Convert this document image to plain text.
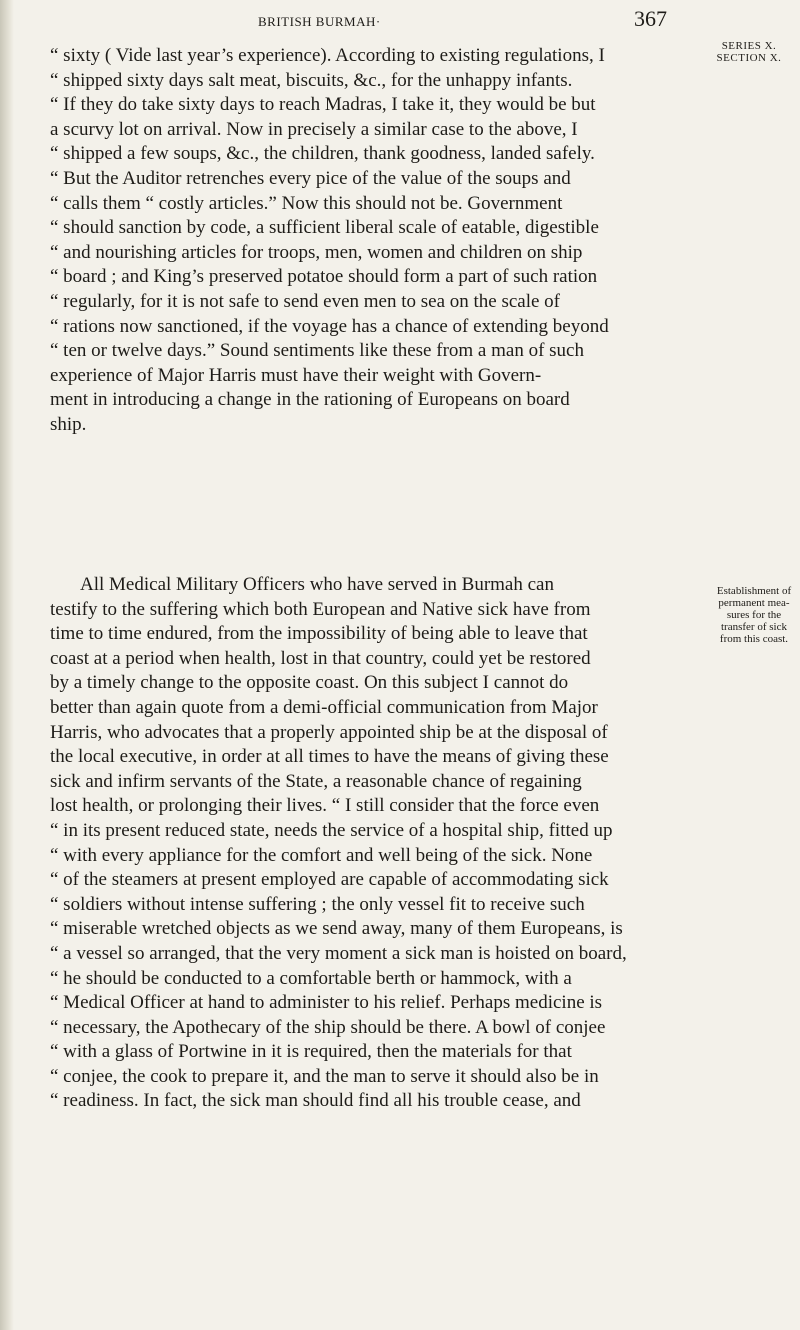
BRITISH BURMAH·	367
SERIES X.
SECTION X.
Establishment of
permanent mea-
sures for the
transfer of sick
from this coast.
“ sixty ( Vide last year’s experience). According to existing regulations, I
“ shipped sixty days salt meat, biscuits, &c., for the unhappy infants.
“ If they do take sixty days to reach Madras, I take it, they would be but
a scurvy lot on arrival. Now in precisely a similar case to the above, I
“ shipped a few soups, &c., the children, thank goodness, landed safely.
“ But the Auditor retrenches every pice of the value of the soups and
“ calls them “ costly articles.” Now this should not be. Government
“ should sanction by code, a sufficient liberal scale of eatable, digestible
“ and nourishing articles for troops, men, women and children on ship
“ board ; and King’s preserved potatoe should form a part of such ration
“ regularly, for it is not safe to send even men to sea on the scale of
“ rations now sanctioned, if the voyage has a chance of extending beyond
“ ten or twelve days.” Sound sentiments like these from a man of such
experience of Major Harris must have their weight with Govern-
ment in introducing a change in the rationing of Europeans on board
ship.
All Medical Military Officers who have served in Burmah can
testify to the suffering which both European and Native sick have from
time to time endured, from the impossibility of being able to leave that
coast at a period when health, lost in that country, could yet be restored
by a timely change to the opposite coast. On this subject I cannot do
better than again quote from a demi-official communication from Major
Harris, who advocates that a properly appointed ship be at the disposal of
the local executive, in order at all times to have the means of giving these
sick and infirm servants of the State, a reasonable chance of regaining
lost health, or prolonging their lives. “ I still consider that the force even
“ in its present reduced state, needs the service of a hospital ship, fitted up
“ with every appliance for the comfort and well being of the sick. None
“ of the steamers at present employed are capable of accommodating sick
“ soldiers without intense suffering ; the only vessel fit to receive such
“ miserable wretched objects as we send away, many of them Europeans, is
“ a vessel so arranged, that the very moment a sick man is hoisted on board,
“ he should be conducted to a comfortable berth or hammock, with a
“ Medical Officer at hand to administer to his relief. Perhaps medicine is
“ necessary, the Apothecary of the ship should be there. A bowl of conjee
“ with a glass of Portwine in it is required, then the materials for that
“ conjee, the cook to prepare it, and the man to serve it should also be in
“ readiness. In fact, the sick man should find all his trouble cease, and
